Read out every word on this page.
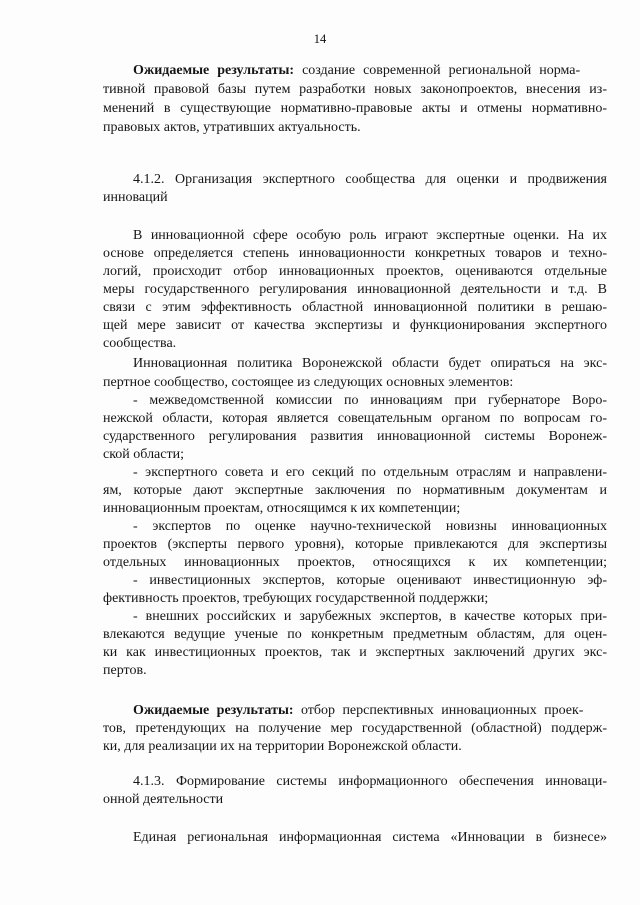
14
Ожидаемые результаты: создание современной региональной норма-
тивной правовой базы путем разработки новых законопроектов, внесения из-
менений в существующие нормативно-правовые акты и отмены нормативно-
правовых актов, утративших актуальность.
4.1.2. Организация экспертного сообщества для оценки и продвижения
инноваций
В инновационной сфере особую роль играют экспертные оценки. На их
основе определяется степень инновационности конкретных товаров и техно-
логий, происходит отбор инновационных проектов, оцениваются отдельные
меры государственного регулирования инновационной деятельности и т.д. В
связи с этим эффективность областной инновационной политики в решаю-
щей мере зависит от качества экспертизы и функционирования экспертного
сообщества.
Инновационная политика Воронежской области будет опираться на экс-
пертное сообщество, состоящее из следующих основных элементов:
- межведомственной комиссии по инновациям при губернаторе Воро-
нежской области, которая является совещательным органом по вопросам го-
сударственного регулирования развития инновационной системы Воронеж-
ской области;
- экспертного совета и его секций по отдельным отраслям и направлени-
ям, которые дают экспертные заключения по нормативным документам и
инновационным проектам, относящимся к их компетенции;
- экспертов по оценке научно-технической новизны инновационных
проектов (эксперты первого уровня), которые привлекаются для экспертизы
отдельных инновационных проектов, относящихся к их компетенции;
- инвестиционных экспертов, которые оценивают инвестиционную эф-
фективность проектов, требующих государственной поддержки;
- внешних российских и зарубежных экспертов, в качестве которых при-
влекаются ведущие ученые по конкретным предметным областям, для оцен-
ки как инвестиционных проектов, так и экспертных заключений других экс-
пертов.
Ожидаемые результаты: отбор перспективных инновационных проек-
тов, претендующих на получение мер государственной (областной) поддерж-
ки, для реализации их на территории Воронежской области.
4.1.3. Формирование системы информационного обеспечения инноваци-
онной деятельности
Единая региональная информационная система «Инновации в бизнесе»
